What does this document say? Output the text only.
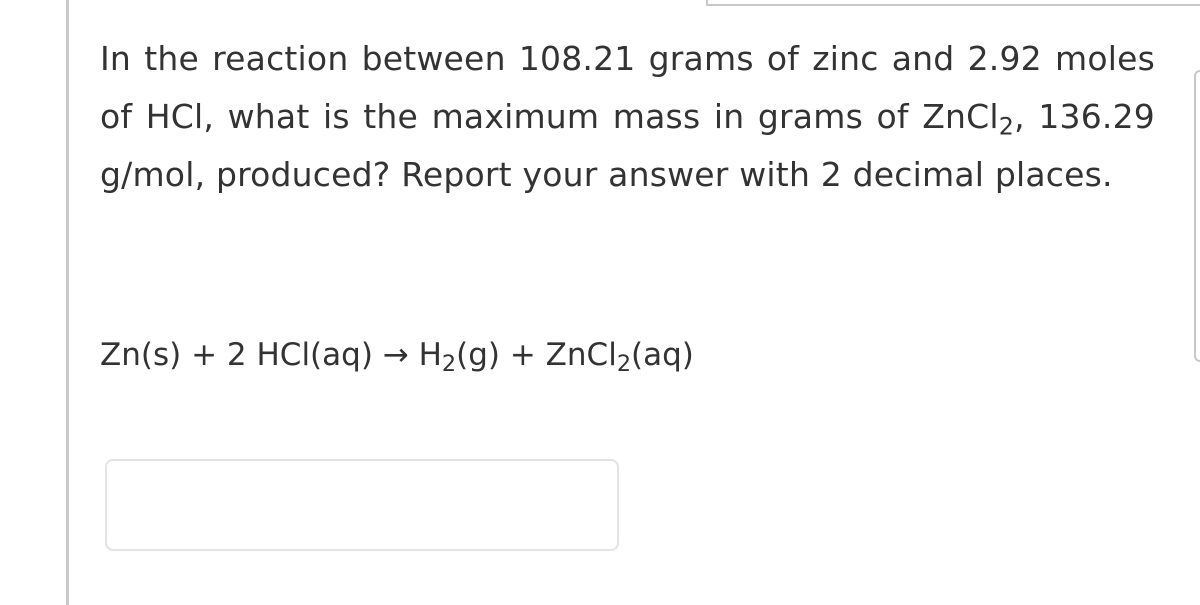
In the reaction between 108.21 grams of zinc and 2.92 moles of HCl, what is the maximum mass in grams of ZnCl$_2$, 136.29 g/mol, produced? Report your answer with 2 decimal places.

Zn(s) + 2 $HCl(aq) \to H_2(g)$ + ZnCl$_2$(aq)
